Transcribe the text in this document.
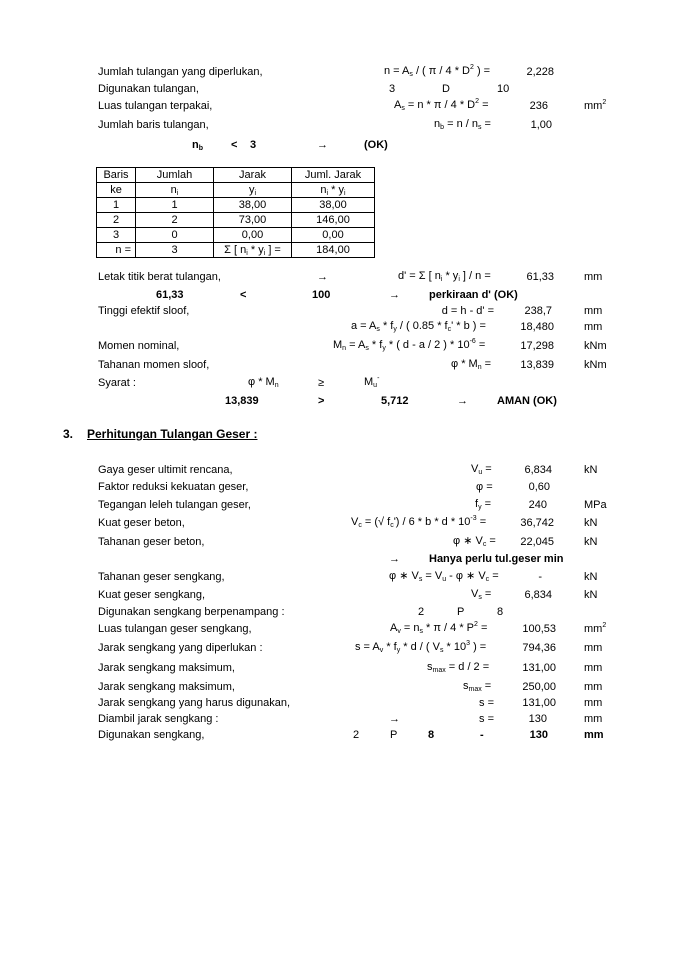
Jumlah tulangan yang diperlukan,	$n = A_s$ / ( π / $4 * D^2$ ) =	2,228
Digunakan tulangan,	3	D	10
Luas tulangan terpakai,	$A_s = n * \pi / 4 * D^2$ =	236	$mm^2$
Jumlah baris tulangan,	$n_b = n / n_s$ =	1,00
$n_b$	< 3	→	(OK)
Baris	Jumlah	Jarak	Juml. Jarak
ke	$n_i$	$y_i$	$n_i * y_i$
1	1	38,00	38,00
2	2	73,00	146,00
3	0	0,00	0,00
n =	3	Σ [ $n_i * y_i$ ] =	184,00
Letak titik berat tulangan,	→	d' = Σ [ $n_i * y_i$ ] / n =	61,33	mm
61,33	<	100	→	perkiraan d' (OK)
Tinggi efektif sloof,	d = h - d' =	238,7	mm
$a = A_s * f_y$ / ( $0.85 * f_c'$ * b ) =	18,480	mm
Momen nominal,	$M_n = A_s * f_y$ * ( d - a / 2 ) * $10^{-6}$ =	17,298	kNm
Tahanan momen sloof,	φ * $M_n$ =	13,839	kNm
Syarat :	φ * $M_n$	≥	$M_u^-$
13,839	>	5,712	→	AMAN (OK)
3. Perhitungan Tulangan Geser :
Gaya geser ultimit rencana,	$V_u$ =	6,834	kN
Faktor reduksi kekuatan geser,	φ =	0,60
Tegangan leleh tulangan geser,	$f_y$ =	240	MPa
Kuat geser beton,	$V_c$ = (√ $f_c') / 6$ * b * d * $10^{-3}$ =	36,742	kN
Tahanan geser beton,	φ ∗ $V_c$ =	22,045	kN
→	Hanya perlu tul.geser min
Tahanan geser sengkang,	φ ∗ $V_s = V_u - \varphi$ ∗ $V_c$ =	-	kN
Kuat geser sengkang,	$V_s$ =	6,834	kN
Digunakan sengkang berpenampang :	2	P	8
Luas tulangan geser sengkang,	$A_v = n_s * \pi / 4 * P^2$ =	100,53	$mm^2$
Jarak sengkang yang diperlukan :	$s = A_v * f_y * d$ / ( $V_s * 10^3$ ) =	794,36	mm
Jarak sengkang maksimum,	$s_{max} = d / 2$ =	131,00	mm
Jarak sengkang maksimum,	$s_{max}$ =	250,00	mm
Jarak sengkang yang harus digunakan,	s =	131,00	mm
Diambil jarak sengkang :	→	s =	130	mm
Digunakan sengkang,	2	P	8	-	130	mm
